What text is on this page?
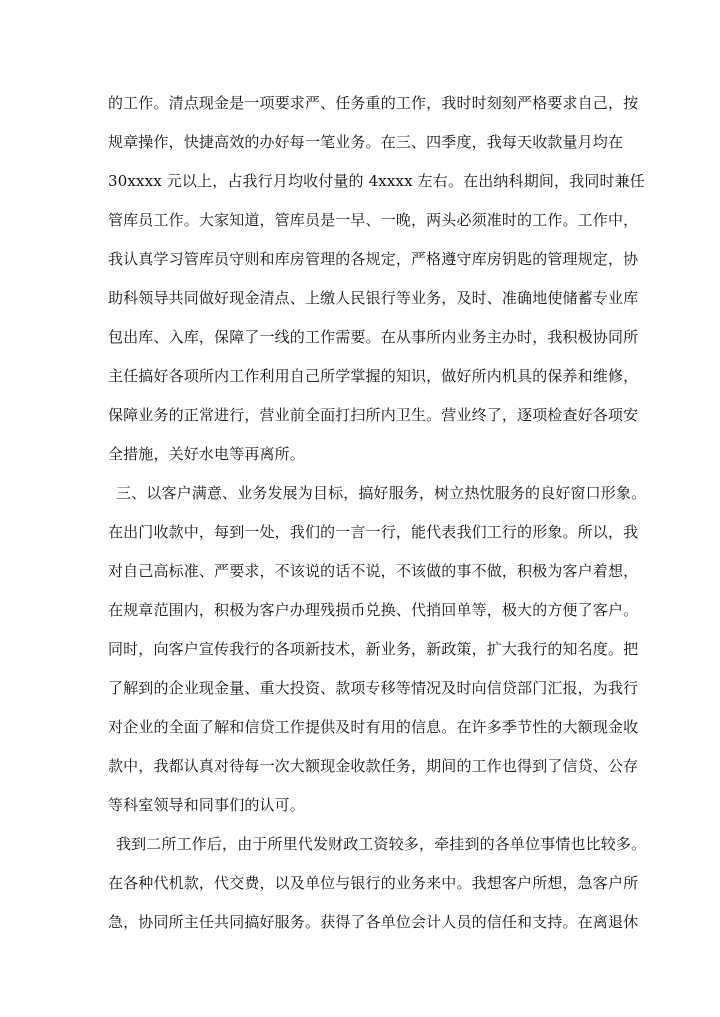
的工作。清点现金是一项要求严、任务重的工作，我时时刻刻严格要求自己，按
规章操作，快捷高效的办好每一笔业务。在三、四季度，我每天收款量月均在
30xxxx 元以上，占我行月均收付量的 4xxxx 左右。在出纳科期间，我同时兼任
管库员工作。大家知道，管库员是一早、一晚，两头必须准时的工作。工作中，
我认真学习管库员守则和库房管理的各规定，严格遵守库房钥匙的管理规定，协
助科领导共同做好现金清点、上缴人民银行等业务，及时、准确地使储蓄专业库
包出库、入库，保障了一线的工作需要。在从事所内业务主办时，我积极协同所
主任搞好各项所内工作利用自己所学掌握的知识，做好所内机具的保养和维修，
保障业务的正常进行，营业前全面打扫所内卫生。营业终了，逐项检查好各项安
全措施，关好水电等再离所。
三、以客户满意、业务发展为目标，搞好服务，树立热忱服务的良好窗口形象。
在出门收款中，每到一处，我们的一言一行，能代表我们工行的形象。所以，我
对自己高标准、严要求，不该说的话不说，不该做的事不做，积极为客户着想，
在规章范围内，积极为客户办理残损币兑换、代捎回单等，极大的方便了客户。
同时，向客户宣传我行的各项新技术，新业务，新政策，扩大我行的知名度。把
了解到的企业现金量、重大投资、款项专移等情况及时向信贷部门汇报，为我行
对企业的全面了解和信贷工作提供及时有用的信息。在许多季节性的大额现金收
款中，我都认真对待每一次大额现金收款任务，期间的工作也得到了信贷、公存
等科室领导和同事们的认可。
我到二所工作后，由于所里代发财政工资较多，牵挂到的各单位事情也比较多。
在各种代机款，代交费，以及单位与银行的业务来中。我想客户所想，急客户所
急，协同所主任共同搞好服务。获得了各单位会计人员的信任和支持。在离退休
